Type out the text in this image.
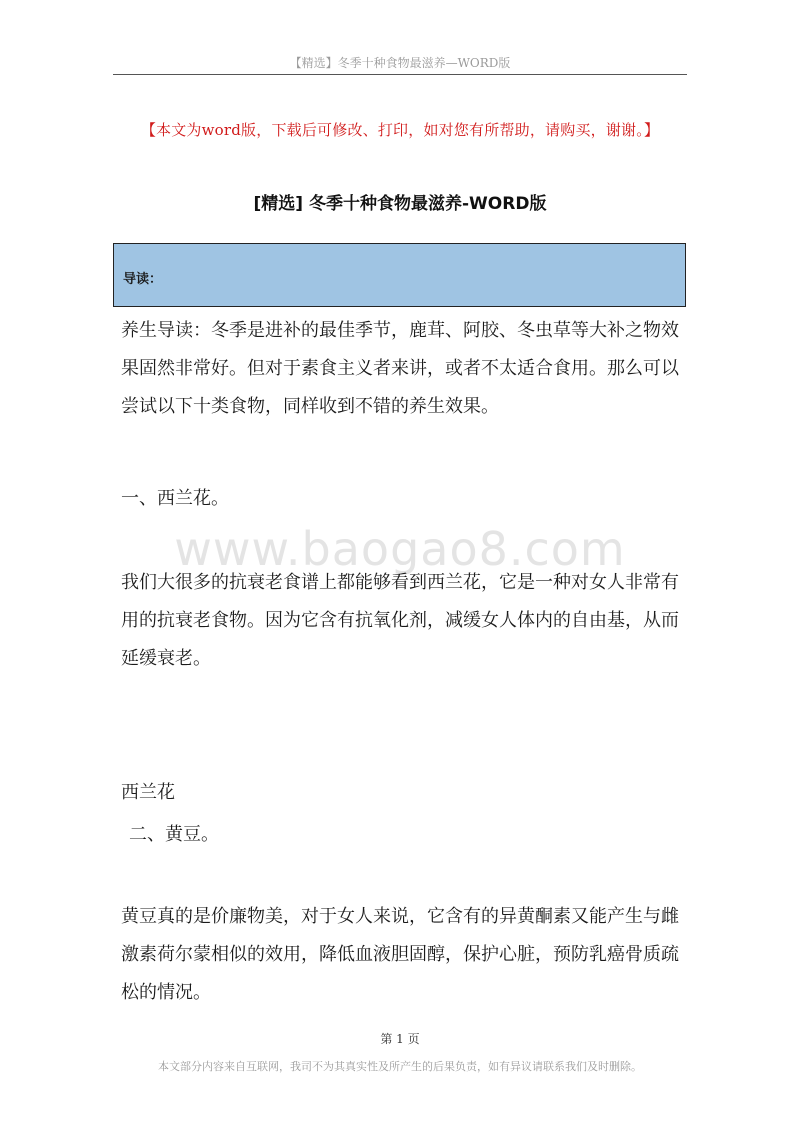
【精选】冬季十种食物最滋养—WORD版
【本文为word版，下载后可修改、打印，如对您有所帮助，请购买，谢谢。】
[精选] 冬季十种食物最滋养-WORD版
导读：
养生导读：冬季是进补的最佳季节，鹿茸、阿胶、冬虫草等大补之物效果固然非常好。但对于素食主义者来讲，或者不太适合食用。那么可以尝试以下十类食物，同样收到不错的养生效果。
一、西兰花。
www.baogao8.com
我们大很多的抗衰老食谱上都能够看到西兰花，它是一种对女人非常有用的抗衰老食物。因为它含有抗氧化剂，减缓女人体内的自由基，从而延缓衰老。
西兰花
二、黄豆。
黄豆真的是价廉物美，对于女人来说，它含有的异黄酮素又能产生与雌激素荷尔蒙相似的效用，降低血液胆固醇，保护心脏，预防乳癌骨质疏松的情况。
第 1 页
本文部分内容来自互联网，我司不为其真实性及所产生的后果负责，如有异议请联系我们及时删除。
